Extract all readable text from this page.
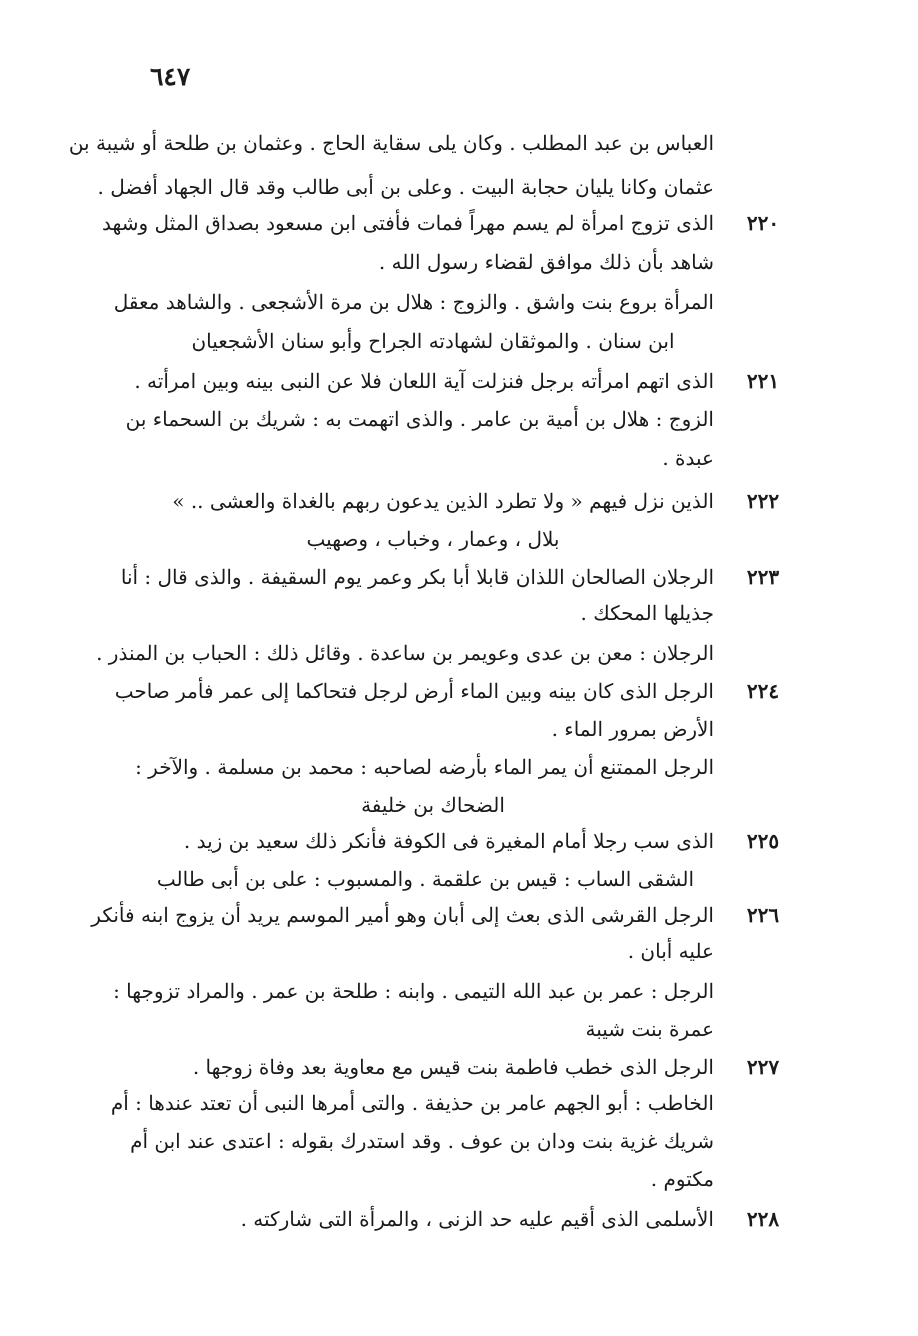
٦٤٧
العباس بن عبد المطلب . وكان يلى سقاية الحاج . وعثمان بن طلحة أو شيبة بن
عثمان وكانا يليان حجابة البيت . وعلى بن أبى طالب وقد قال الجهاد أفضل .
٢٢٠
الذى تزوج امرأة لم يسم مهراً فمات فأفتى ابن مسعود بصداق المثل وشهد
شاهد بأن ذلك موافق لقضاء رسول الله .
المرأة بروع بنت واشق . والزوج : هلال بن مرة الأشجعى . والشاهد معقل
ابن سنان . والموثقان لشهادته الجراح وأبو سنان الأشجعيان
٢٢١
الذى اتهم امرأته برجل فنزلت آية اللعان فلا عن النبى بينه وبين امرأته .
الزوج : هلال بن أمية بن عامر . والذى اتهمت به : شريك بن السحماء بن
عبدة .
٢٢٢
الذين نزل فيهم « ولا تطرد الذين يدعون ربهم بالغداة والعشى .. »
بلال ، وعمار ، وخباب ، وصهيب
٢٢٣
الرجلان الصالحان اللذان قابلا أبا بكر وعمر يوم السقيفة . والذى قال : أنا
جذيلها المحكك .
الرجلان : معن بن عدى وعويمر بن ساعدة . وقائل ذلك : الحباب بن المنذر .
٢٢٤
الرجل الذى كان بينه وبين الماء أرض لرجل فتحاكما إلى عمر فأمر صاحب
الأرض بمرور الماء .
الرجل الممتنع أن يمر الماء بأرضه لصاحبه : محمد بن مسلمة . والآخر :
الضحاك بن خليفة
٢٢٥
الذى سب رجلا أمام المغيرة فى الكوفة فأنكر ذلك سعيد بن زيد .
الشقى الساب : قيس بن علقمة . والمسبوب : على بن أبى طالب
٢٢٦
الرجل القرشى الذى بعث إلى أبان وهو أمير الموسم يريد أن يزوج ابنه فأنكر
عليه أبان .
الرجل : عمر بن عبد الله التيمى . وابنه : طلحة بن عمر . والمراد تزوجها :
عمرة بنت شيبة
٢٢٧
الرجل الذى خطب فاطمة بنت قيس مع معاوية بعد وفاة زوجها .
الخاطب : أبو الجهم عامر بن حذيفة . والتى أمرها النبى أن تعتد عندها : أم
شريك غزية بنت ودان بن عوف . وقد استدرك بقوله : اعتدى عند ابن أم
مكتوم .
٢٢٨
الأسلمى الذى أقيم عليه حد الزنى ، والمرأة التى شاركته .
